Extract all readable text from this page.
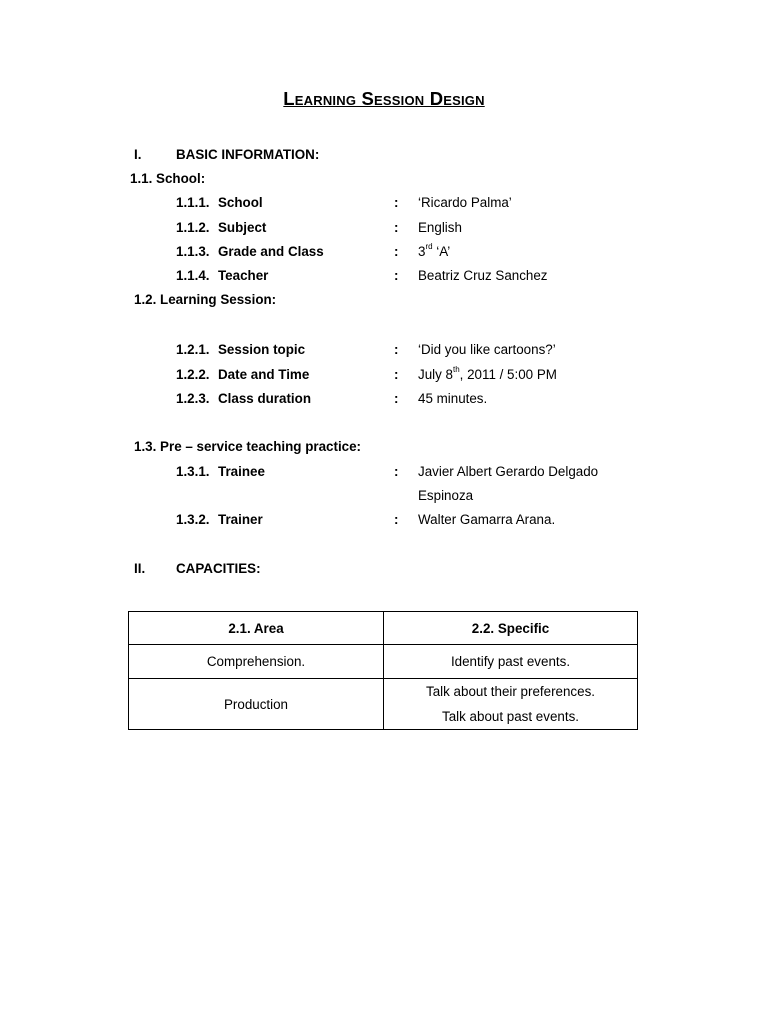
Learning Session Design
I.	BASIC INFORMATION:
1.1. School:
1.1.1. School	: ‘Ricardo Palma’
1.1.2. Subject	: English
1.1.3. Grade and Class	: 3rd ‘A’
1.1.4. Teacher	: Beatriz Cruz Sanchez
1.2. Learning Session:
1.2.1. Session topic	: ‘Did you like cartoons?’
1.2.2. Date and Time	: July 8th, 2011 / 5:00 PM
1.2.3. Class duration	: 45 minutes.
1.3. Pre – service teaching practice:
1.3.1. Trainee	: Javier Albert Gerardo Delgado
Espinoza
1.3.2. Trainer	: Walter Gamarra Arana.
II. CAPACITIES:
2.1. Area	2.2. Specific
Comprehension.	Identify past events.
Production	Talk about their preferences.
Talk about past events.
